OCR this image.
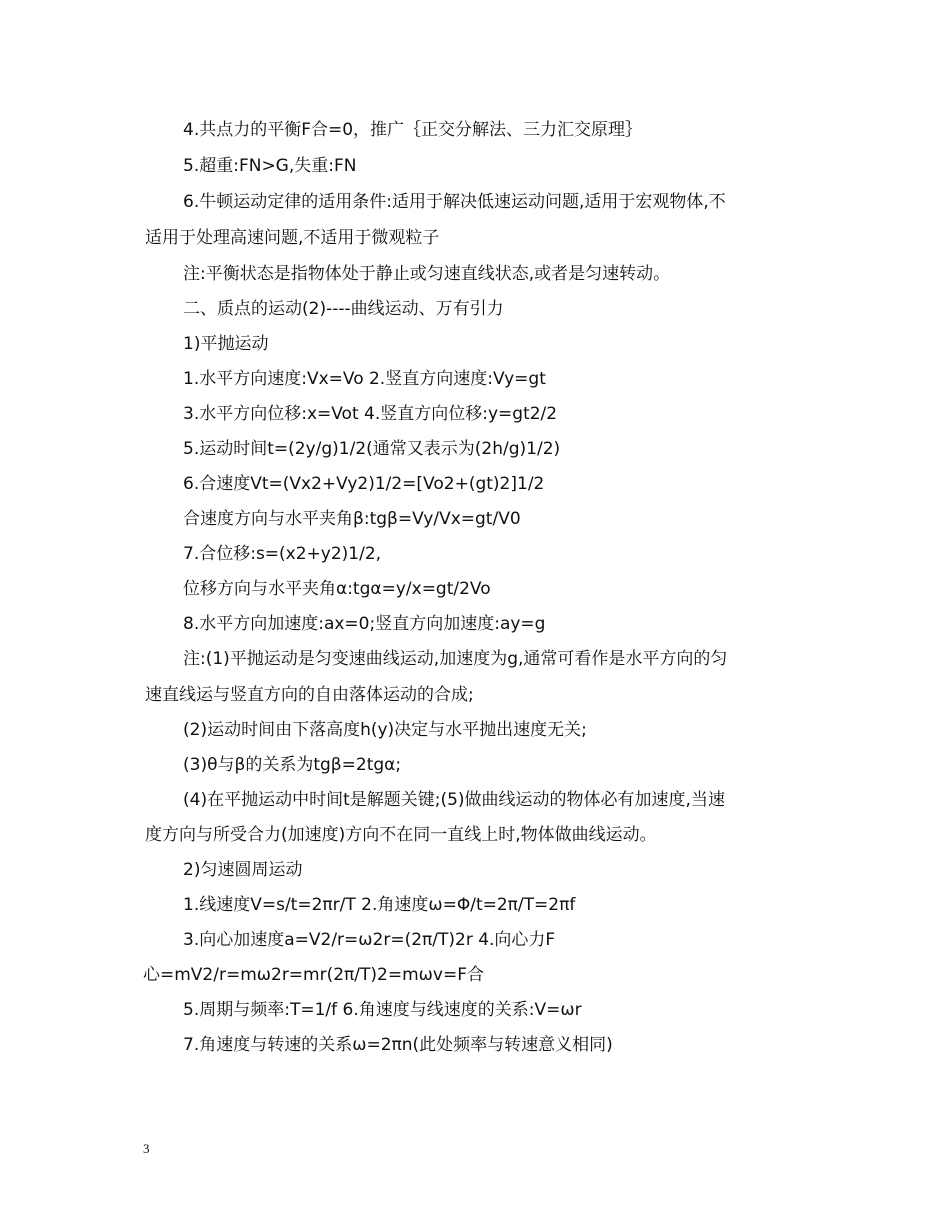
4.共点力的平衡F合=0，推广｛正交分解法、三力汇交原理｝
5.超重:FN>G,失重:FN
6.牛顿运动定律的适用条件:适用于解决低速运动问题,适用于宏观物体,不
适用于处理高速问题,不适用于微观粒子
注:平衡状态是指物体处于静止或匀速直线状态,或者是匀速转动。
二、质点的运动(2)----曲线运动、万有引力
1)平抛运动
1.水平方向速度:Vx=Vo 2.竖直方向速度:Vy=gt
3.水平方向位移:x=Vot 4.竖直方向位移:y=gt2/2
5.运动时间t=(2y/g)1/2(通常又表示为(2h/g)1/2)
6.合速度Vt=(Vx2+Vy2)1/2=[Vo2+(gt)2]1/2
合速度方向与水平夹角β:tgβ=Vy/Vx=gt/V0
7.合位移:s=(x2+y2)1/2,
位移方向与水平夹角α:tgα=y/x=gt/2Vo
8.水平方向加速度:ax=0;竖直方向加速度:ay=g
注:(1)平抛运动是匀变速曲线运动,加速度为g,通常可看作是水平方向的匀
速直线运与竖直方向的自由落体运动的合成;
(2)运动时间由下落高度h(y)决定与水平抛出速度无关;
(3)θ与β的关系为tgβ=2tgα;
(4)在平抛运动中时间t是解题关键;(5)做曲线运动的物体必有加速度,当速
度方向与所受合力(加速度)方向不在同一直线上时,物体做曲线运动。
2)匀速圆周运动
1.线速度V=s/t=2πr/T 2.角速度ω=Φ/t=2π/T=2πf
3.向心加速度a=V2/r=ω2r=(2π/T)2r 4.向心力F
心=mV2/r=mω2r=mr(2π/T)2=mωv=F合
5.周期与频率:T=1/f 6.角速度与线速度的关系:V=ωr
7.角速度与转速的关系ω=2πn(此处频率与转速意义相同)
3
